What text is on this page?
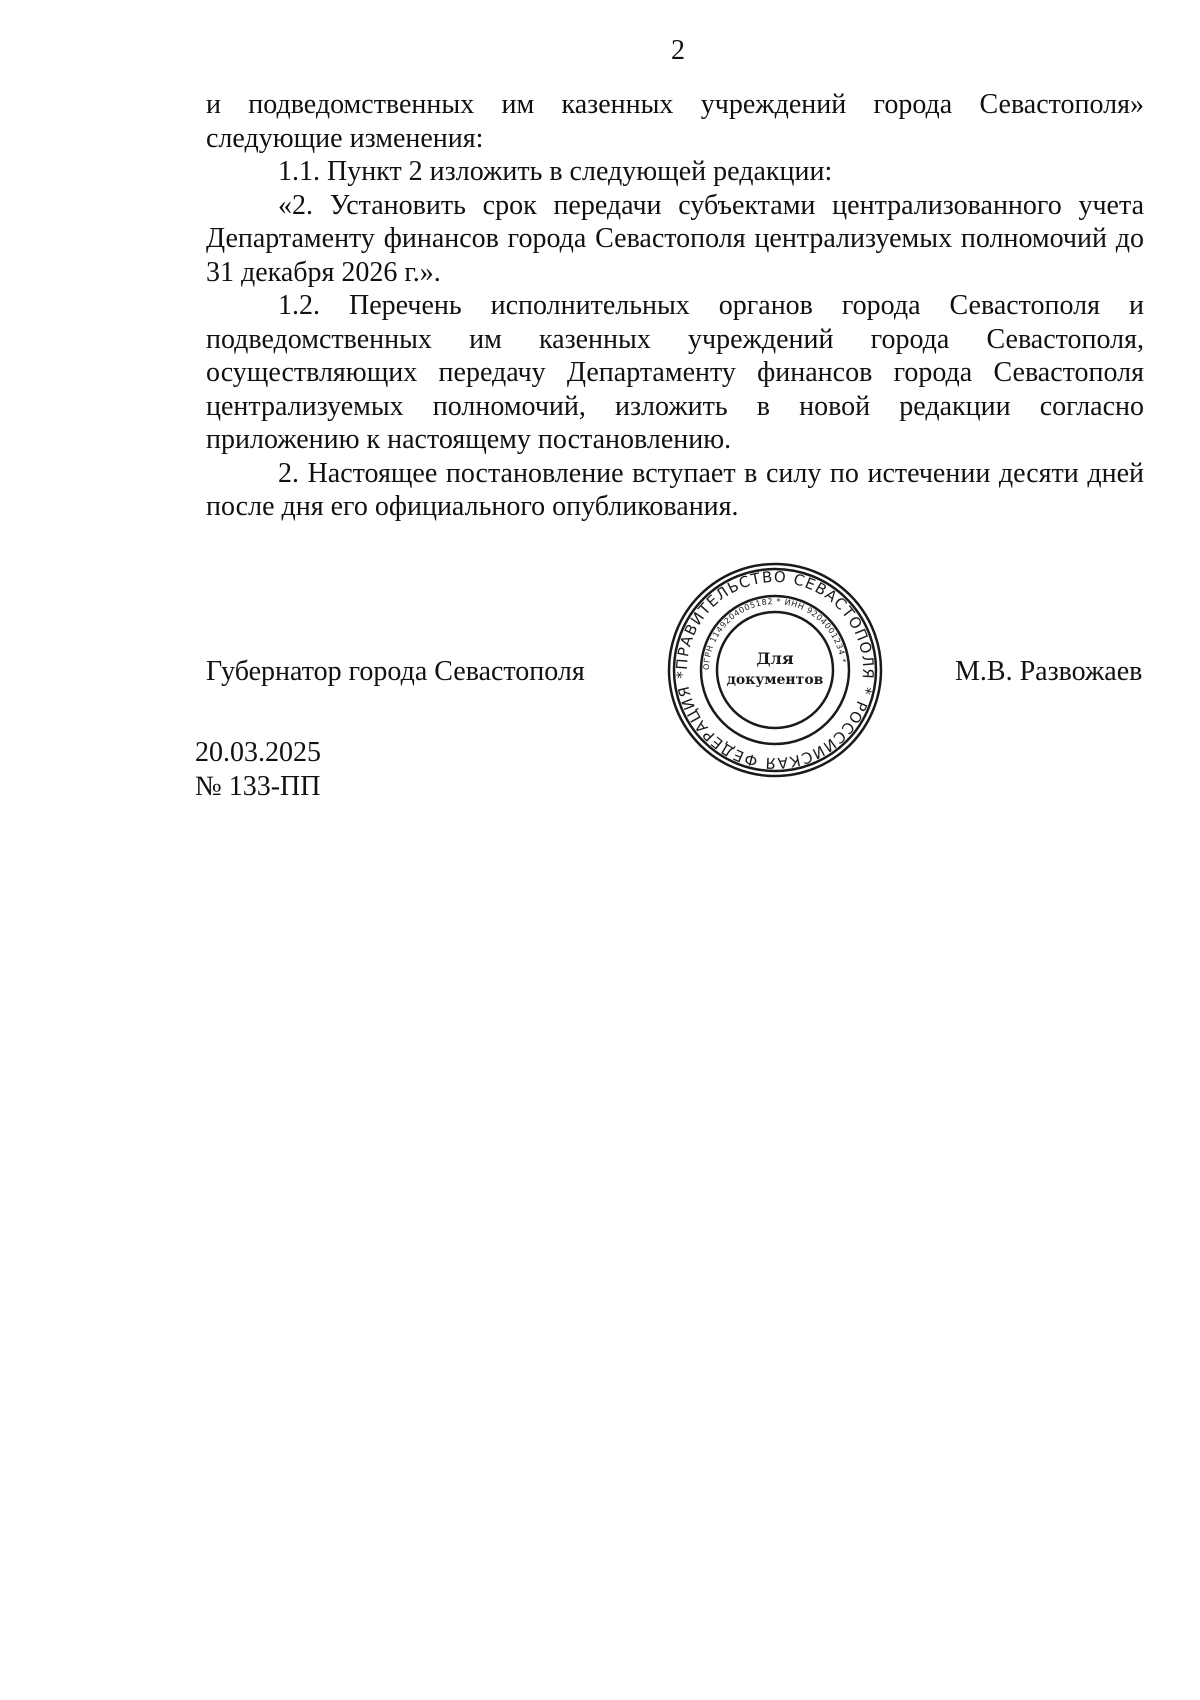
2

и подведомственных им казенных учреждений города Севастополя» следующие изменения:

1.1. Пункт 2 изложить в следующей редакции:

«2. Установить срок передачи субъектами централизованного учета Департаменту финансов города Севастополя централизуемых полномочий до 31 декабря 2026 г.».

1.2. Перечень исполнительных органов города Севастополя и подведомственных им казенных учреждений города Севастополя, осуществляющих передачу Департаменту финансов города Севастополя централизуемых полномочий, изложить в новой редакции согласно приложению к настоящему постановлению.

2. Настоящее постановление вступает в силу по истечении десяти дней после дня его официального опубликования.

ПРАВИТЕЛЬСТВО СЕВАСТОПОЛЯ * РОССИЙСКАЯ ФЕДЕРАЦИЯ *
ОГРН 1149204005182 * ИНН 9204001234 *
Для
документов
Губернатор города Севастополя	М.В. Развожаев
20.03.2025
№ 133-ПП
